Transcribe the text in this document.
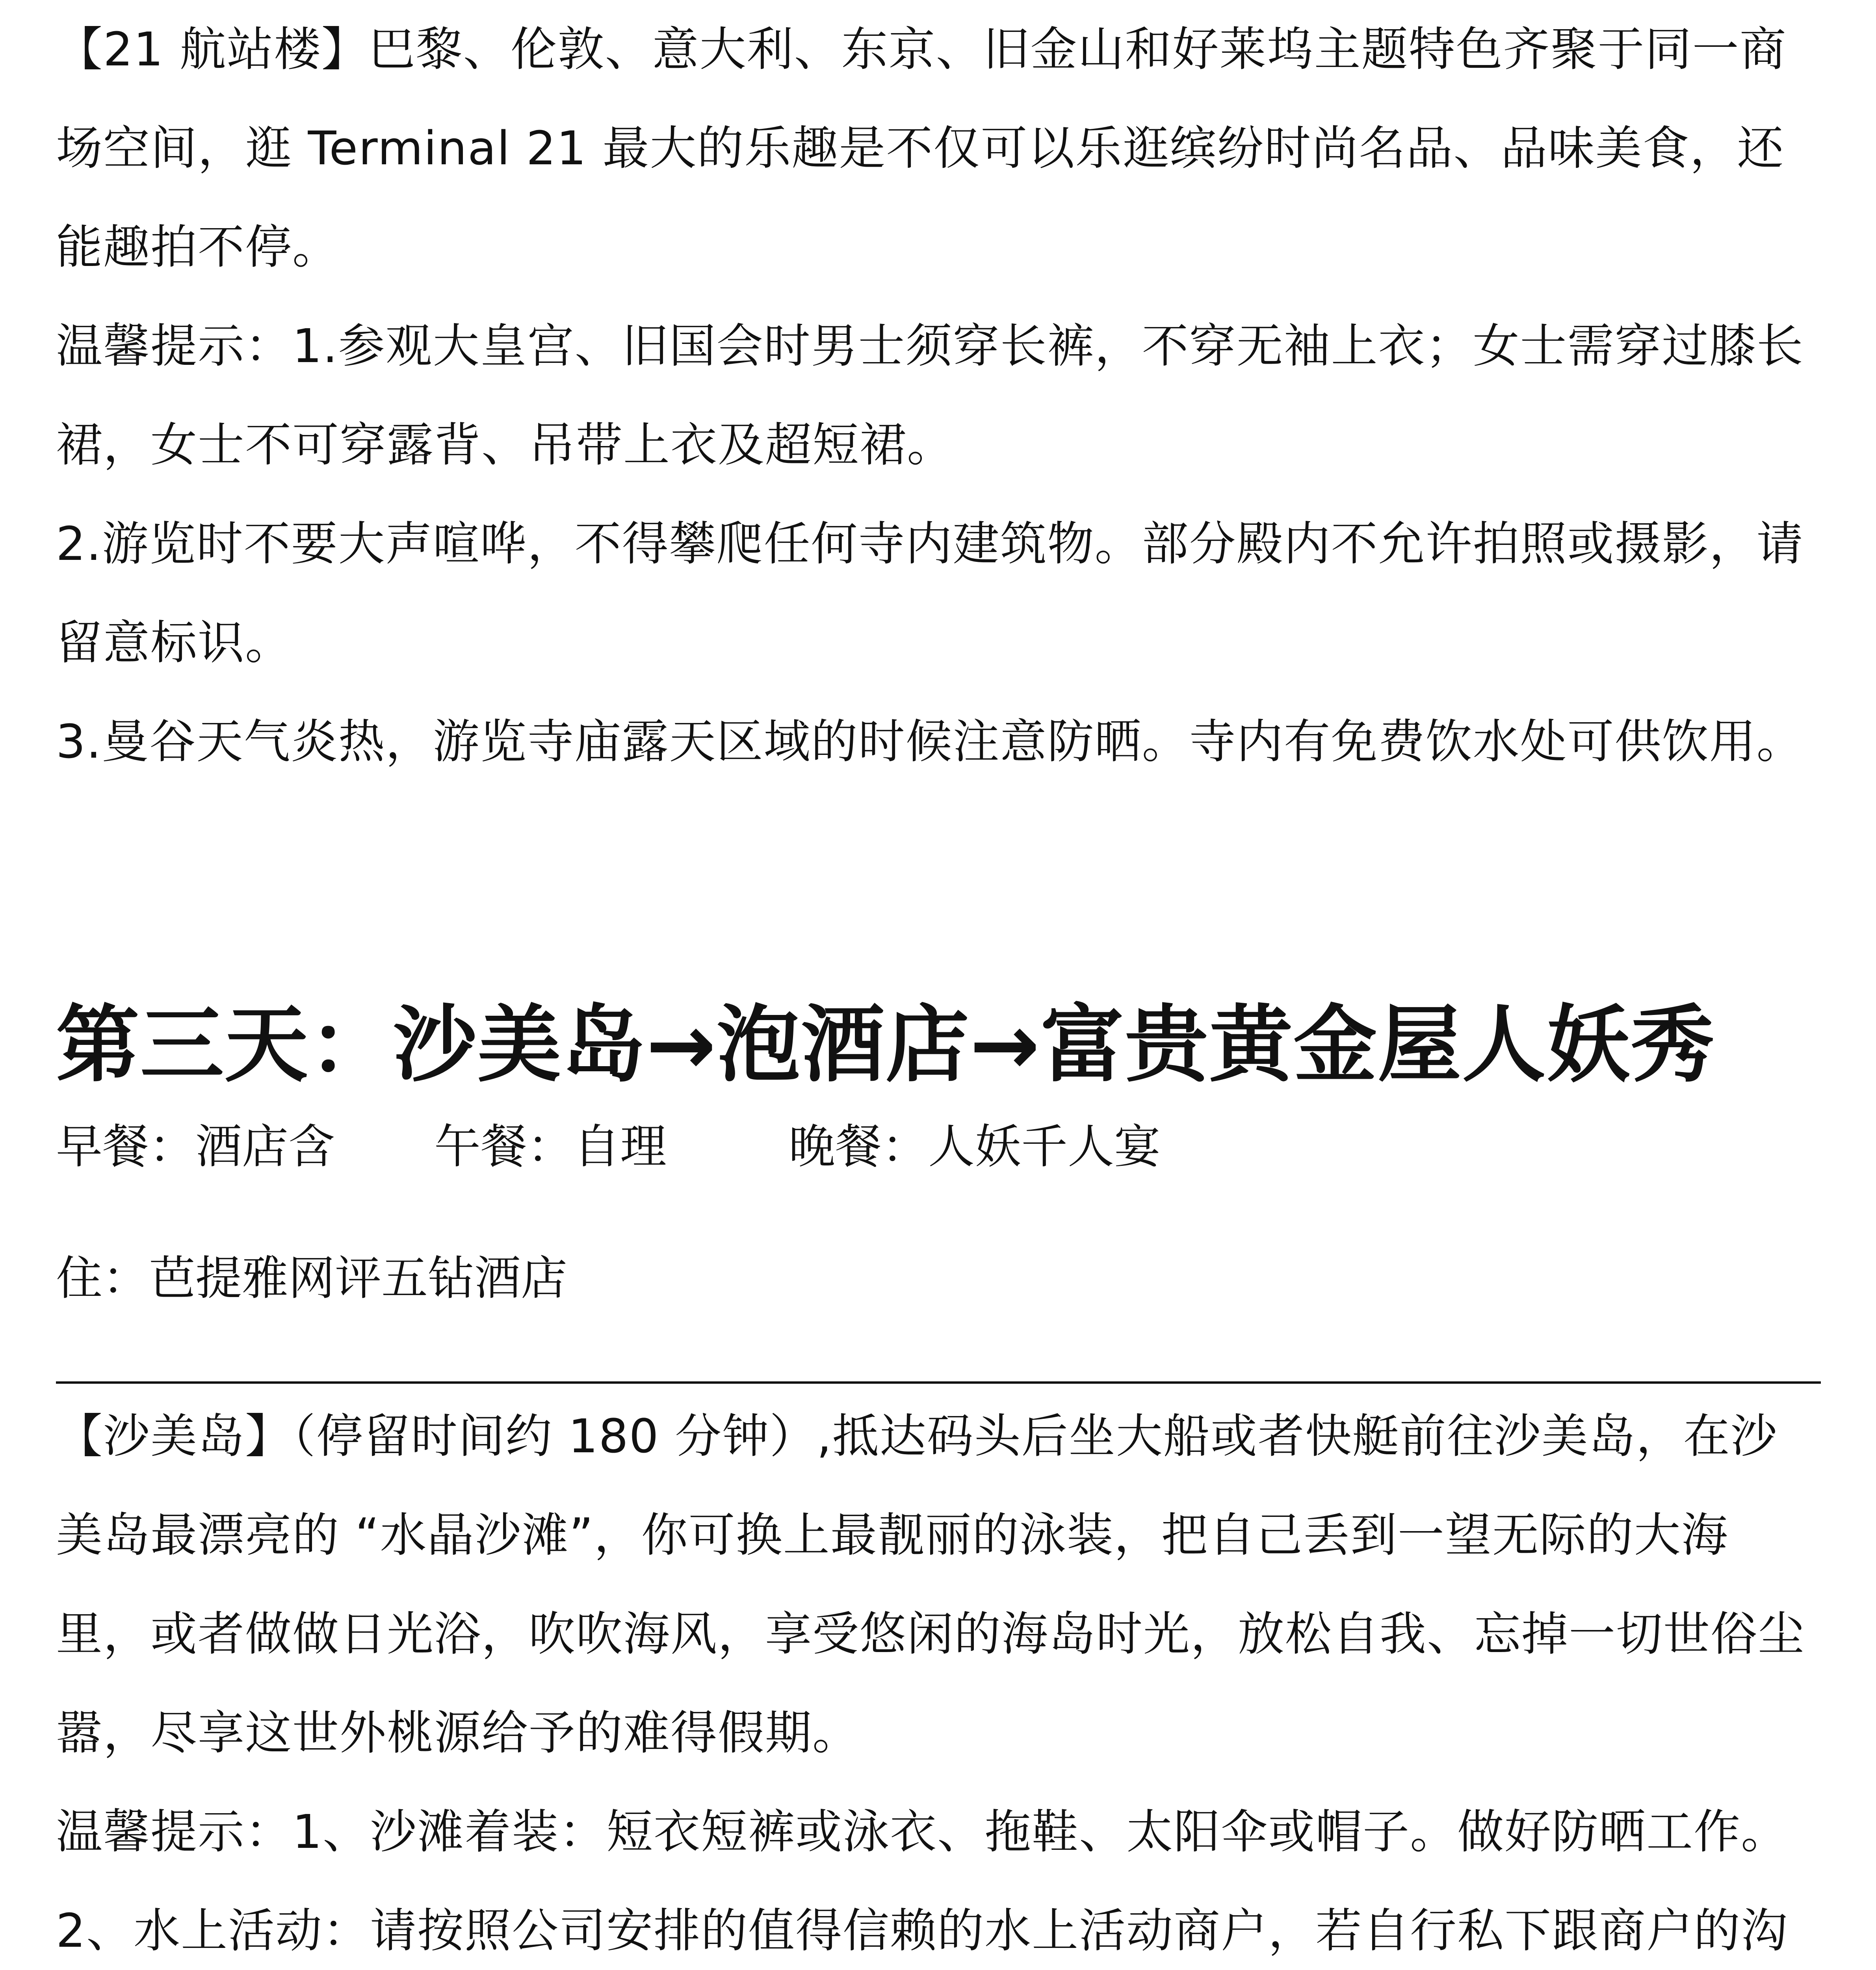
【21 航站楼】巴黎、伦敦、意大利、东京、旧金山和好莱坞主题特色齐聚于同一商场空间，逛 Terminal 21 最大的乐趣是不仅可以乐逛缤纷时尚名品、品味美食，还能趣拍不停。

温馨提示：1.参观大皇宫、旧国会时男士须穿长裤，不穿无袖上衣；女士需穿过膝长裙，女士不可穿露背、吊带上衣及超短裙。

2.游览时不要大声喧哗，不得攀爬任何寺内建筑物。部分殿内不允许拍照或摄影，请留意标识。

3.曼谷天气炎热，游览寺庙露天区域的时候注意防晒。寺内有免费饮水处可供饮用。

第三天：沙美岛→泡酒店→富贵黄金屋人妖秀
早餐：酒店含 午餐：自理	晚餐：人妖千人宴
住：芭提雅网评五钻酒店

【沙美岛】（停留时间约 180 分钟）,抵达码头后坐大船或者快艇前往沙美岛，在沙美岛最漂亮的 “水晶沙滩”，你可换上最靓丽的泳装，把自己丢到一望无际的大海里，或者做做日光浴，吹吹海风，享受悠闲的海岛时光，放松自我、忘掉一切世俗尘嚣，尽享这世外桃源给予的难得假期。

温馨提示：1、沙滩着装：短衣短裤或泳衣、拖鞋、太阳伞或帽子。做好防晒工作。 2、水上活动：请按照公司安排的值得信赖的水上活动商户，若自行私下跟商户的沟
